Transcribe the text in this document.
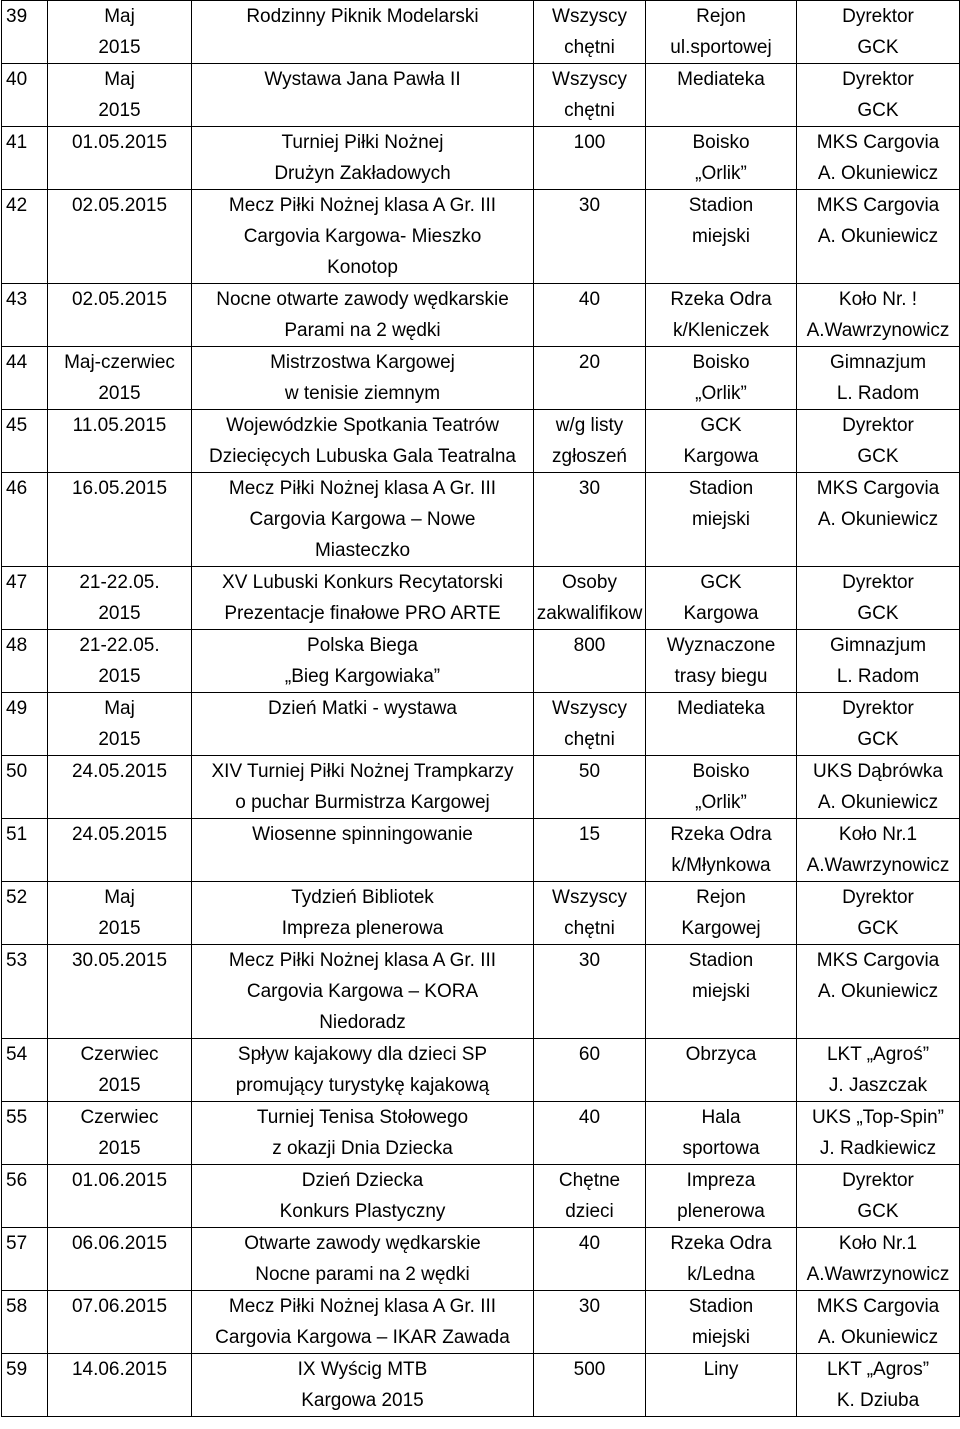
39	Maj
2015	Rodzinny Piknik Modelarski	Wszyscy
chętni	Rejon
ul.sportowej	Dyrektor
GCK

40	Maj
2015	Wystawa Jana Pawła II	Wszyscy
chętni	Mediateka	Dyrektor
GCK

41	01.05.2015	Turniej Piłki Nożnej
Drużyn Zakładowych	100	Boisko
„Orlik”	MKS Cargovia
A. Okuniewicz

42	02.05.2015	Mecz Piłki Nożnej klasa A Gr. III
Cargovia Kargowa- Mieszko
Konotop	30	Stadion
miejski	MKS Cargovia
A. Okuniewicz

43	02.05.2015	Nocne otwarte zawody wędkarskie
Parami na 2 wędki	40	Rzeka Odra
k/Kleniczek	Koło Nr. !
A.Wawrzynowicz

44	Maj-czerwiec
2015	Mistrzostwa Kargowej
w tenisie ziemnym	20	Boisko
„Orlik”	Gimnazjum
L. Radom

45	11.05.2015	Wojewódzkie Spotkania Teatrów
Dziecięcych Lubuska Gala Teatralna	w/g listy
zgłoszeń	GCK
Kargowa	Dyrektor
GCK

46	16.05.2015	Mecz Piłki Nożnej klasa A Gr. III
Cargovia Kargowa – Nowe
Miasteczko	30	Stadion
miejski	MKS Cargovia
A. Okuniewicz

47	21-22.05.
2015	XV Lubuski Konkurs Recytatorski
Prezentacje finałowe PRO ARTE	Osoby
zakwalifikow	GCK
Kargowa	Dyrektor
GCK

48	21-22.05.
2015	Polska Biega
„Bieg Kargowiaka”	800	Wyznaczone
trasy biegu	Gimnazjum
L. Radom

49	Maj
2015	Dzień Matki - wystawa	Wszyscy
chętni	Mediateka	Dyrektor
GCK

50	24.05.2015	XIV Turniej Piłki Nożnej Trampkarzy
o puchar Burmistrza Kargowej	50	Boisko
„Orlik”	UKS Dąbrówka
A. Okuniewicz

51	24.05.2015	Wiosenne spinningowanie	15	Rzeka Odra
k/Młynkowa	Koło Nr.1
A.Wawrzynowicz

52	Maj
2015	Tydzień Bibliotek
Impreza plenerowa	Wszyscy
chętni	Rejon
Kargowej	Dyrektor
GCK

53	30.05.2015	Mecz Piłki Nożnej klasa A Gr. III
Cargovia Kargowa – KORA
Niedoradz	30	Stadion
miejski	MKS Cargovia
A. Okuniewicz

54	Czerwiec
2015	Spływ kajakowy dla dzieci SP
promujący turystykę kajakową	60	Obrzyca	LKT „Agroś”
J. Jaszczak

55	Czerwiec
2015	Turniej Tenisa Stołowego
z okazji Dnia Dziecka	40	Hala
sportowa	UKS „Top-Spin”
J. Radkiewicz

56	01.06.2015	Dzień Dziecka
Konkurs Plastyczny	Chętne
dzieci	Impreza
plenerowa	Dyrektor
GCK

57	06.06.2015	Otwarte zawody wędkarskie
Nocne parami na 2 wędki	40	Rzeka Odra
k/Ledna	Koło Nr.1
A.Wawrzynowicz

58	07.06.2015	Mecz Piłki Nożnej klasa A Gr. III
Cargovia Kargowa – IKAR Zawada	30	Stadion
miejski	MKS Cargovia
A. Okuniewicz

59	14.06.2015	IX Wyścig MTB
Kargowa 2015	500	Liny	LKT „Agros”
K. Dziuba
